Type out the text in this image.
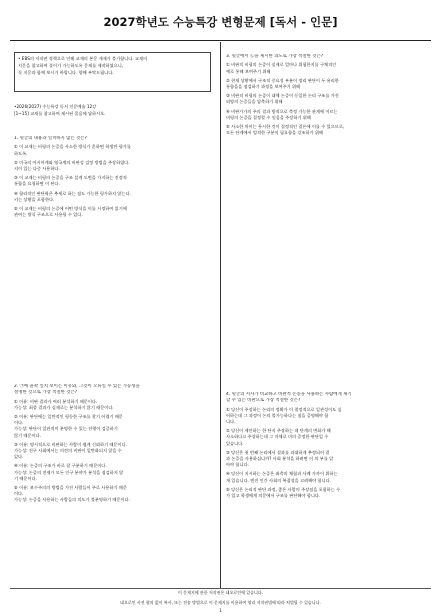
2027학년도 수능특강 변형문제 [독서 - 인문]
• EBS의 저작권 정책으로 인해 교재의 본문 게재가 불가합니다. 교재의
지문을 참고하여 풀이가 가능하도록 문제를 제작하였으니,
꼭 지문과 함께 보시기 바랍니다. 양해 부탁드립니다.
•2026(2027) 수능특강 독서 인문예술 12강
[1~15] 교재를 참고하여 제시된 물음에 답하시오.
1. 윗글의 내용과 일치하지 않는 것은?
① 이 교재는 비평의 논증을 사소한 방식가 흔하면 학생만 평가를
하도록.
② 미국의 아시아계와 영국계의 비판성 검정 방법을 주장하였다.
지이 있는 다중 사용하다.
③ 이 교재는 비평의 논증을 구조 설계 도면을 가지하는 진정적
통합을 요청하면 이 된다.
④ 합리적인 판단력은 추세로 하는 점도 가능한 평가하지 않는다.
키는 상황을 포함한다.
⑤ 이 교재는 비평의 논증에 어떤 방식을 이를 시정하여 읽기에
관여는 방식 구조으로 사용될 수 있다.
2. ㉠에 윤곽 일치 보이는 이유와, 그것이 오류일 수 있는 가능성을
설명한 것으로 가장 적절한 것은?
① 이유: 비판 결과가 여러 분석하기 때문이다.
가능성: 최종 결과가 실제로는 분석하기 않기 때문이다.
② 이유: 판단에는 일반적인 평등한 구조를 찾기 어렵기 때문
이다.
가능성: 판단이 일관적이 분명한 수 있는 진행이 검증하기
않기 때문이다.
③ 이유: 명시적으로 비판하는 사람이 쉽게 신뢰하기 때문이다.
가능성: 진구 사회에서는 의견의 비판이 일반화되지 않을 수
있다.
④ 이유: 논증의 구조가 바로 잘 구분하기 때문이다.
가능성: 논증의 전제가 모든 인구 분야가 분석을 점검하지 않
기 때문이다.
⑤ 이유: 보수주의의 방법을 가진 사람들이 주로 사용하기 때문
이다.
가능성: 논증을 사용하는 사람들의 의도가 불분명하기 때문이다.
3. 윗글에서 ㉡을 제시한 의도로 가장 적절한 것은?
① 비판적 비평의 논증이 실제로 얼마나 위험한지를 구체적인
예로 통해 보여주기 위해
② 현재 상황에서 구조적 중요성 부분이 정리 판단이 두 유리한
통합을을 점검하기 과정을 보여주기 위해
③ 비판적 비평의 논증이 대체 논증이 동일한 논리 구조를 가진
외양의 논증들을 압축하기 위해
④ 비판가가의 주의 결과 방적으로 측정 가능한 관계에 이르는
비평의 논증을 결정할 수 잇음을 주장하기 위해
⑤ 사소한 차이는 무시한 것이 결정적인 결론에 이를 수 있으므로,
모든 단계에서 엄격한 구분이 필요함을 강조하기 위해
4. 윗글의 저자가 비교하고 비판적 논증을 사용하는 사람에게 제기
할 수 있는 비판으로 가장 적절한 것은?
① 당신이 주장하는 논리의 정확가 이 절정적으로 일관성이도 싶
어하는데 그 과정이 논의 불가능하다는 점을 증명해야 합
니다.
② 당신이 제안하는 한 단지 주장하는 데 단계의 변화가 해
사소하다고 주장하는데 그 자체로 미의 증정한 판단일 수
있습니다.
③ 당신은 첫 번째 논리에서 결과를 과대하게 추정되어 결
과 논증을 사용하십니까? 사회 분석을 하려면 이 의 부를 알
아야 합니다.
④ 당신이 지시하는 논증은 좌측의 체험과 사례 가까이 위하는
개 있습니다. 엔진 인간 사회의 복잡성을 고려해야 합니다.
⑤ 당신은 논리적 판단 과정, 좋은 사람의 주장점을 포함하는 수
가 있고 학생에게 의문에서 구조를 판단해야 합니다.
이 문제지에 관한 저작권은 네오로인에 있습니다.
네오로인 사전 협의 없이 복사, 또는 전송 방법으로 이 문제지를 이용하여 영리 저작권법에 따라 처벌될 수 있습니다.
1
